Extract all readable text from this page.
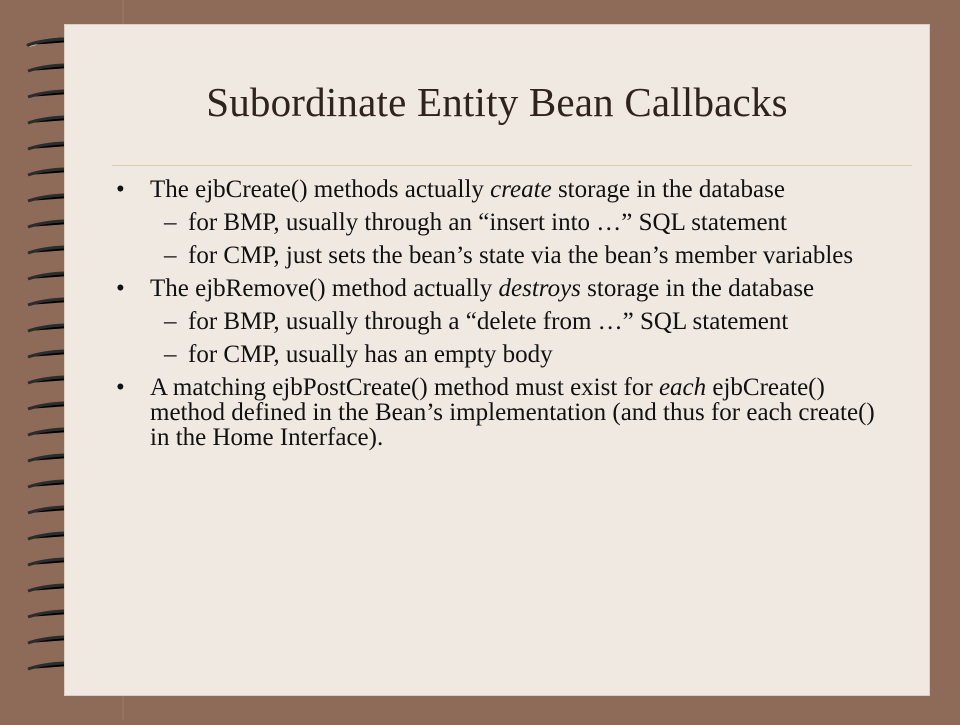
Subordinate Entity Bean Callbacks
• The ejbCreate() methods actually create storage in the database
– for BMP, usually through an “insert into …” SQL statement
– for CMP, just sets the bean’s state via the bean’s member variables
• The ejbRemove() method actually destroys storage in the database
– for BMP, usually through a “delete from …” SQL statement
– for CMP, usually has an empty body
• A matching ejbPostCreate() method must exist for each ejbCreate() method defined in the Bean’s implementation (and thus for each create() in the Home Interface).
